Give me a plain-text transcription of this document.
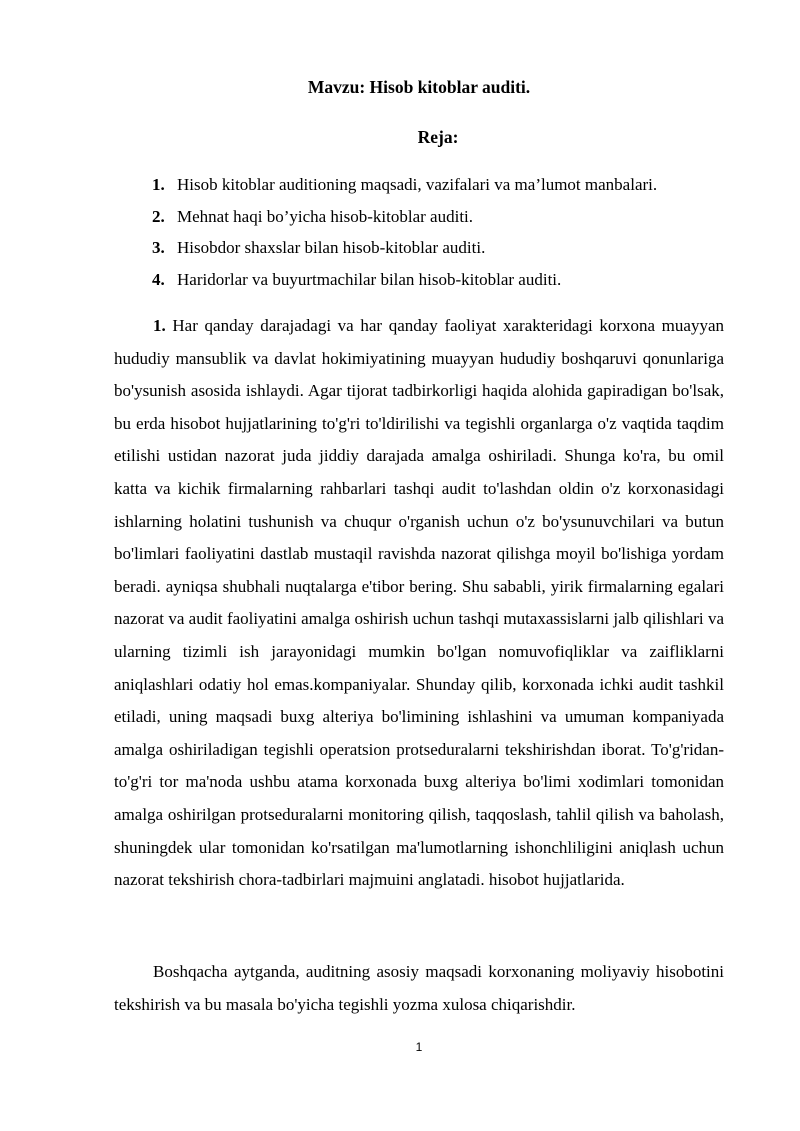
Mavzu: Hisob kitoblar auditi.

Reja:

1. Hisob kitoblar auditioning maqsadi, vazifalari va ma’lumot manbalari.
2. Mehnat haqi bo’yicha hisob-kitoblar auditi.
3. Hisobdor shaxslar bilan hisob-kitoblar auditi.
4. Haridorlar va buyurtmachilar bilan hisob-kitoblar auditi.

1. Har qanday darajadagi va har qanday faoliyat xarakteridagi korxona muayyan hududiy mansublik va davlat hokimiyatining muayyan hududiy boshqaruvi qonunlariga bo'ysunish asosida ishlaydi. Agar tijorat tadbirkorligi haqida alohida gapiradigan bo'lsak, bu erda hisobot hujjatlarining to'g'ri to'ldirilishi va tegishli organlarga o'z vaqtida taqdim etilishi ustidan nazorat juda jiddiy darajada amalga oshiriladi. Shunga ko'ra, bu omil katta va kichik firmalarning rahbarlari tashqi audit to'lashdan oldin o'z korxonasidagi ishlarning holatini tushunish va chuqur o'rganish uchun o'z bo'ysunuvchilari va butun bo'limlari faoliyatini dastlab mustaqil ravishda nazorat qilishga moyil bo'lishiga yordam beradi. ayniqsa shubhali nuqtalarga e'tibor bering. Shu sababli, yirik firmalarning egalari nazorat va audit faoliyatini amalga oshirish uchun tashqi mutaxassislarni jalb qilishlari va ularning tizimli ish jarayonidagi mumkin bo'lgan nomuvofiqliklar va zaifliklarni aniqlashlari odatiy hol emas.kompaniyalar. Shunday qilib, korxonada ichki audit tashkil etiladi, uning maqsadi buxg alteriya bo'limining ishlashini va umuman kompaniyada amalga oshiriladigan tegishli operatsion protseduralarni tekshirishdan iborat. To'g'ridan-to'g'ri tor ma'noda ushbu atama korxonada buxg alteriya bo'limi xodimlari tomonidan amalga oshirilgan protseduralarni monitoring qilish, taqqoslash, tahlil qilish va baholash, shuningdek ular tomonidan ko'rsatilgan ma'lumotlarning ishonchliligini aniqlash uchun nazorat tekshirish chora-tadbirlari majmuini anglatadi. hisobot hujjatlarida.

Boshqacha aytganda, auditning asosiy maqsadi korxonaning moliyaviy hisobotini tekshirish va bu masala bo'yicha tegishli yozma xulosa chiqarishdir.

1
